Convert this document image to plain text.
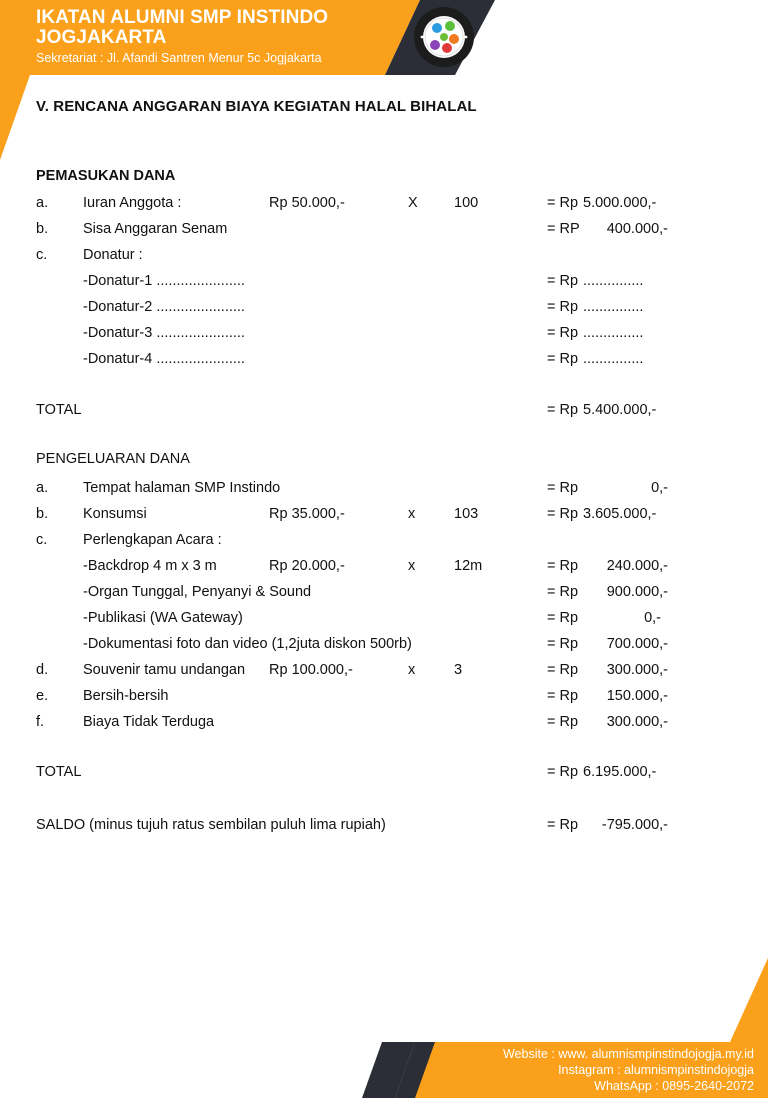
IKATAN ALUMNI SMP INSTINDO
JOGJAKARTA
Sekretariat : Jl. Afandi Santren Menur 5c Jogjakarta
V. RENCANA ANGGARAN BIAYA KEGIATAN HALAL BIHALAL
PEMASUKAN DANA
a. Iuran Anggota :	Rp 50.000,-	X	100	= Rp 5.000.000,-
b. Sisa Anggaran Senam	= RP	400.000,-
c. Donatur :
-Donatur-1 ......................	= Rp ...............
-Donatur-2 ......................	= Rp ...............
-Donatur-3 ......................	= Rp ...............
-Donatur-4 ......................	= Rp ...............
TOTAL	= Rp 5.400.000,-
PENGELUARAN DANA
a. Tempat halaman SMP Instindo	= Rp	0,-
b. Konsumsi	Rp 35.000,-	x	103	= Rp 3.605.000,-
c. Perlengkapan Acara :
-Backdrop 4 m x 3 m	Rp 20.000,-	x	12m	= Rp	240.000,-
-Organ Tunggal, Penyanyi & Sound	= Rp	900.000,-
-Publikasi (WA Gateway)	= Rp	0,-
-Dokumentasi foto dan video (1,2juta diskon 500rb)	= Rp	700.000,-
d. Souvenir tamu undangan Rp 100.000,-	x	3	= Rp	300.000,-
e. Bersih-bersih	= Rp	150.000,-
f.	Biaya Tidak Terduga	= Rp	300.000,-
TOTAL	= Rp 6.195.000,-
SALDO (minus tujuh ratus sembilan puluh lima rupiah)	= Rp	-795.000,-
Website : www. alumnismpinstindojogja.my.id
Instagram : alumnismpinstindojogja
WhatsApp : 0895-2640-2072
